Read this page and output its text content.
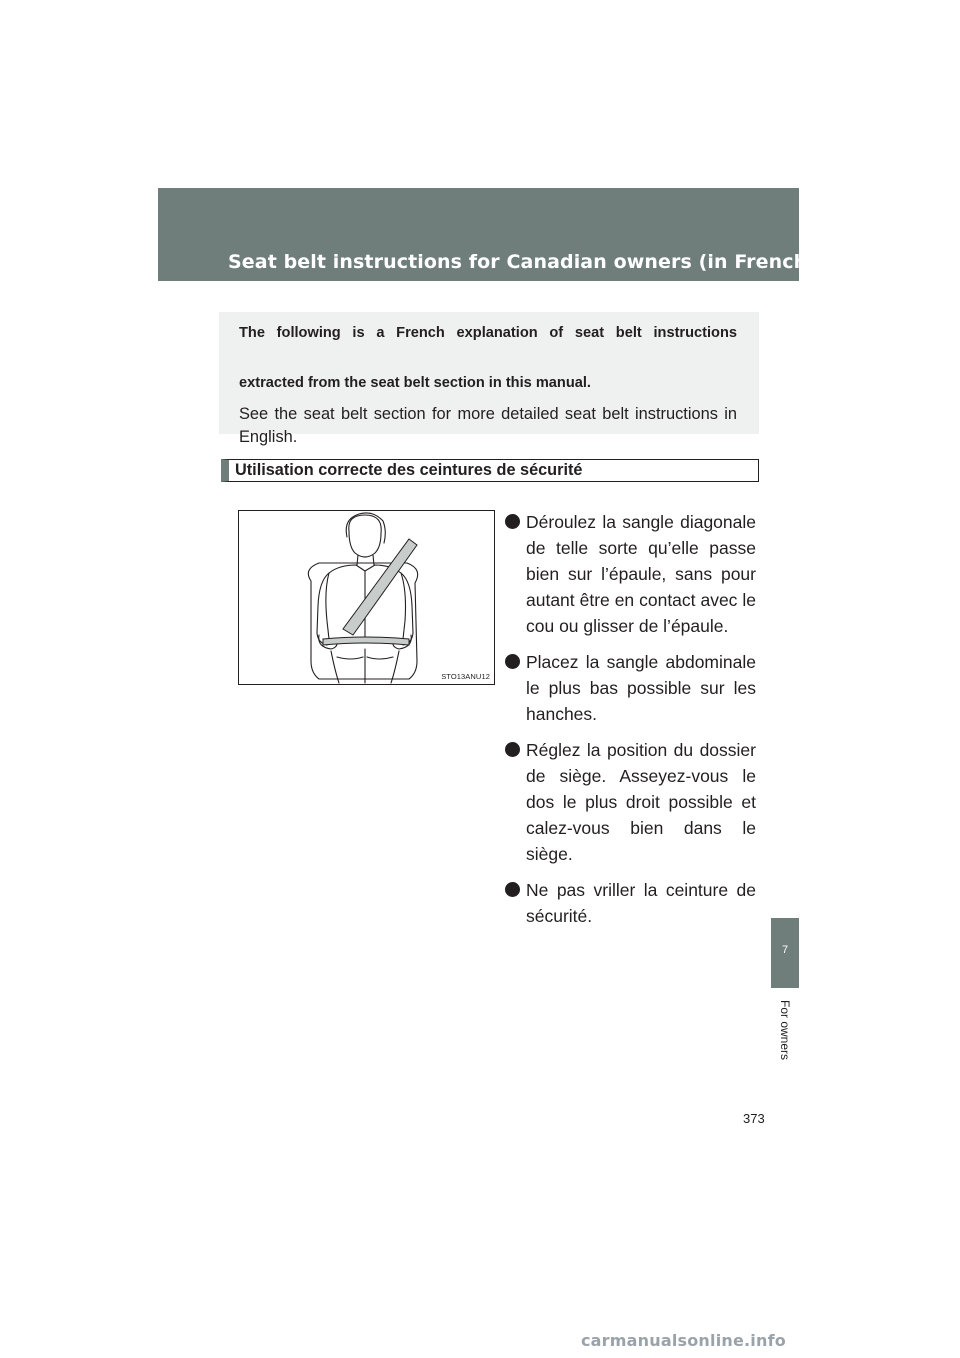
Seat belt instructions for Canadian owners (in French)

The following is a French explanation of seat belt instructions

extracted from the seat belt section in this manual.

See the seat belt section for more detailed seat belt instructions in English.

Utilisation correcte des ceintures de sécurité
STO13ANU12
Déroulez la sangle diagonale de telle sorte qu’elle passe bien sur l’épaule, sans pour autant être en contact avec le cou ou glisser de l’épaule.
Placez la sangle abdominale le plus bas possible sur les hanches.
Réglez la position du dossier de siège. Asseyez-vous le dos le plus droit possible et calez-vous bien dans le siège.
Ne pas vriller la ceinture de sécurité.
7
For owners
373
carmanualsonline.info
